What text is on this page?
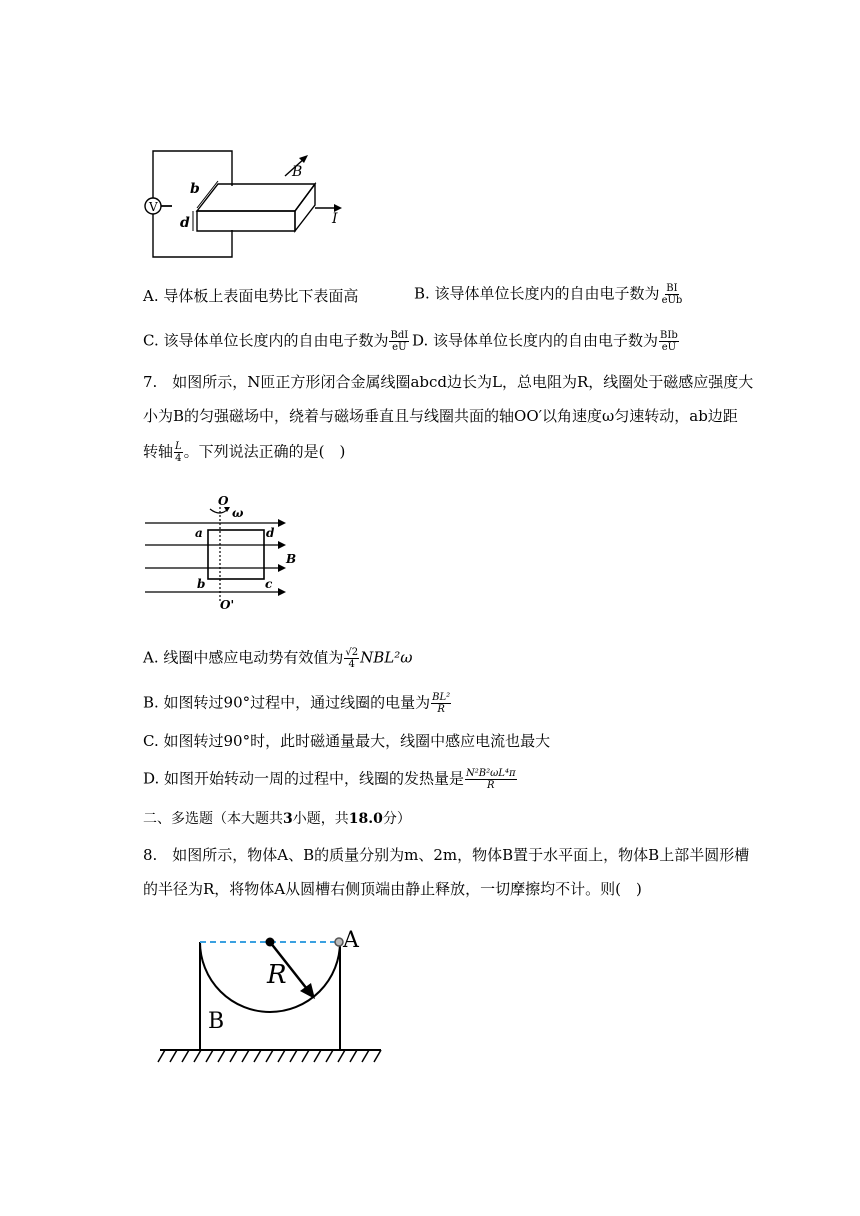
V
b
d
B
I
A. 导体板上表面电势比下表面高	B. 该导体单位长度内的自由电子数为 $\frac{BI}{\text{eUb}}$
C. 该导体单位长度内的自由电子数为 $\frac{\text{BdI}}{eU} D$. 该导体单位长度内的自由电子数为 $\frac{\text{BIb}}{eU}$
7.　如图所示，N匝正方形闭合金属线圈abcd边长为L，总电阻为R，线圈处于磁感应强度大
小为B的匀强磁场中，绕着与磁场垂直且与线圈共面的轴OO′以角速度ω匀速转动，ab边距
转轴 $\frac{L}{4}$ 。下列说法正确的是(　)
O
ω
a	d
B
b	c
O'
A. 线圈中感应电动势有效值为 $\frac{√2}{4} NBL^2\omega$
B. 如图转过90°过程中，通过线圈的电量为 $\frac{\text{BL²}}{R}$
C. 如图转过90°时，此时磁通量最大，线圈中感应电流也最大
D. 如图开始转动一周的过程中，线圈的发热量是 $\frac{\text{N²B²ωL⁴π}}{R}$
二、多选题（本大题共3小题，共18.0分）
8.　如图所示，物体A、B的质量分别为m、2m，物体B置于水平面上，物体B上部半圆形槽
的半径为R，将物体A从圆槽右侧顶端由静止释放，一切摩擦均不计。则(　)
A
R
B
